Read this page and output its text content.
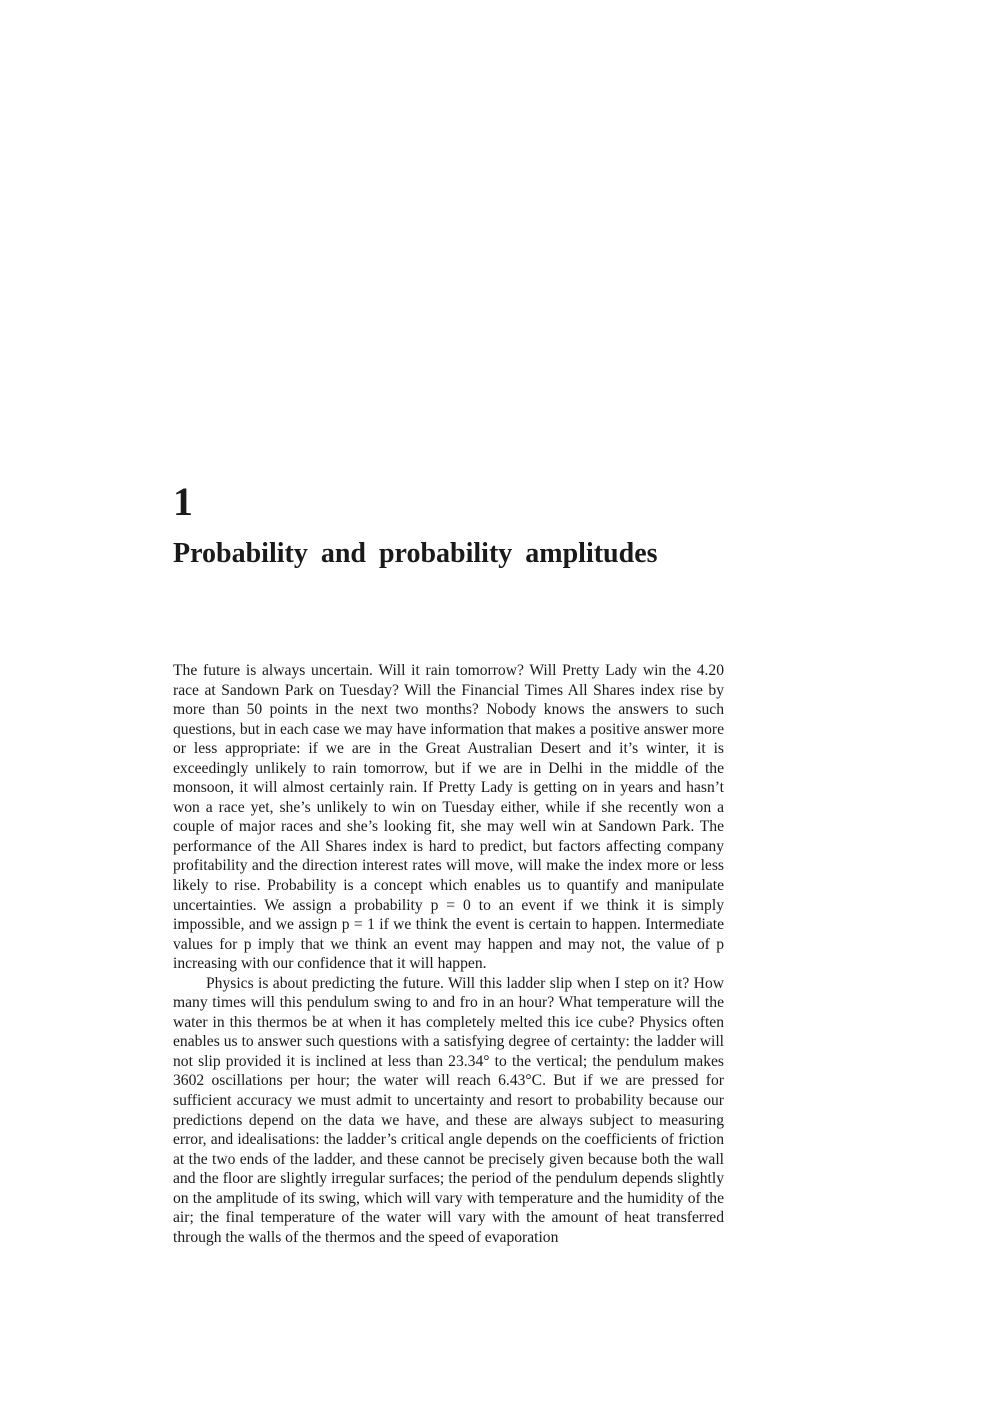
1
Probability and probability amplitudes

The future is always uncertain. Will it rain tomorrow? Will Pretty Lady win the 4.20 race at Sandown Park on Tuesday? Will the Financial Times All Shares index rise by more than 50 points in the next two months? Nobody knows the answers to such questions, but in each case we may have information that makes a positive answer more or less appropriate: if we are in the Great Australian Desert and it’s winter, it is exceedingly unlikely to rain tomorrow, but if we are in Delhi in the middle of the monsoon, it will almost certainly rain. If Pretty Lady is getting on in years and hasn’t won a race yet, she’s unlikely to win on Tuesday either, while if she recently won a couple of major races and she’s looking fit, she may well win at Sandown Park. The performance of the All Shares index is hard to predict, but factors affecting company profitability and the direction interest rates will move, will make the index more or less likely to rise. Probability is a concept which enables us to quantify and manipulate uncertainties. We assign a probability p = 0 to an event if we think it is simply impossible, and we assign p = 1 if we think the event is certain to happen. Intermediate values for p imply that we think an event may happen and may not, the value of p increasing with our confidence that it will happen.

Physics is about predicting the future. Will this ladder slip when I step on it? How many times will this pendulum swing to and fro in an hour? What temperature will the water in this thermos be at when it has completely melted this ice cube? Physics often enables us to answer such questions with a satisfying degree of certainty: the ladder will not slip provided it is inclined at less than 23.34° to the vertical; the pendulum makes 3602 oscillations per hour; the water will reach 6.43°C. But if we are pressed for sufficient accuracy we must admit to uncertainty and resort to probability because our predictions depend on the data we have, and these are always subject to measuring error, and idealisations: the ladder’s critical angle depends on the coefficients of friction at the two ends of the ladder, and these cannot be precisely given because both the wall and the floor are slightly irregular surfaces; the period of the pendulum depends slightly on the amplitude of its swing, which will vary with temperature and the humidity of the air; the final temperature of the water will vary with the amount of heat transferred through the walls of the thermos and the speed of evaporation
